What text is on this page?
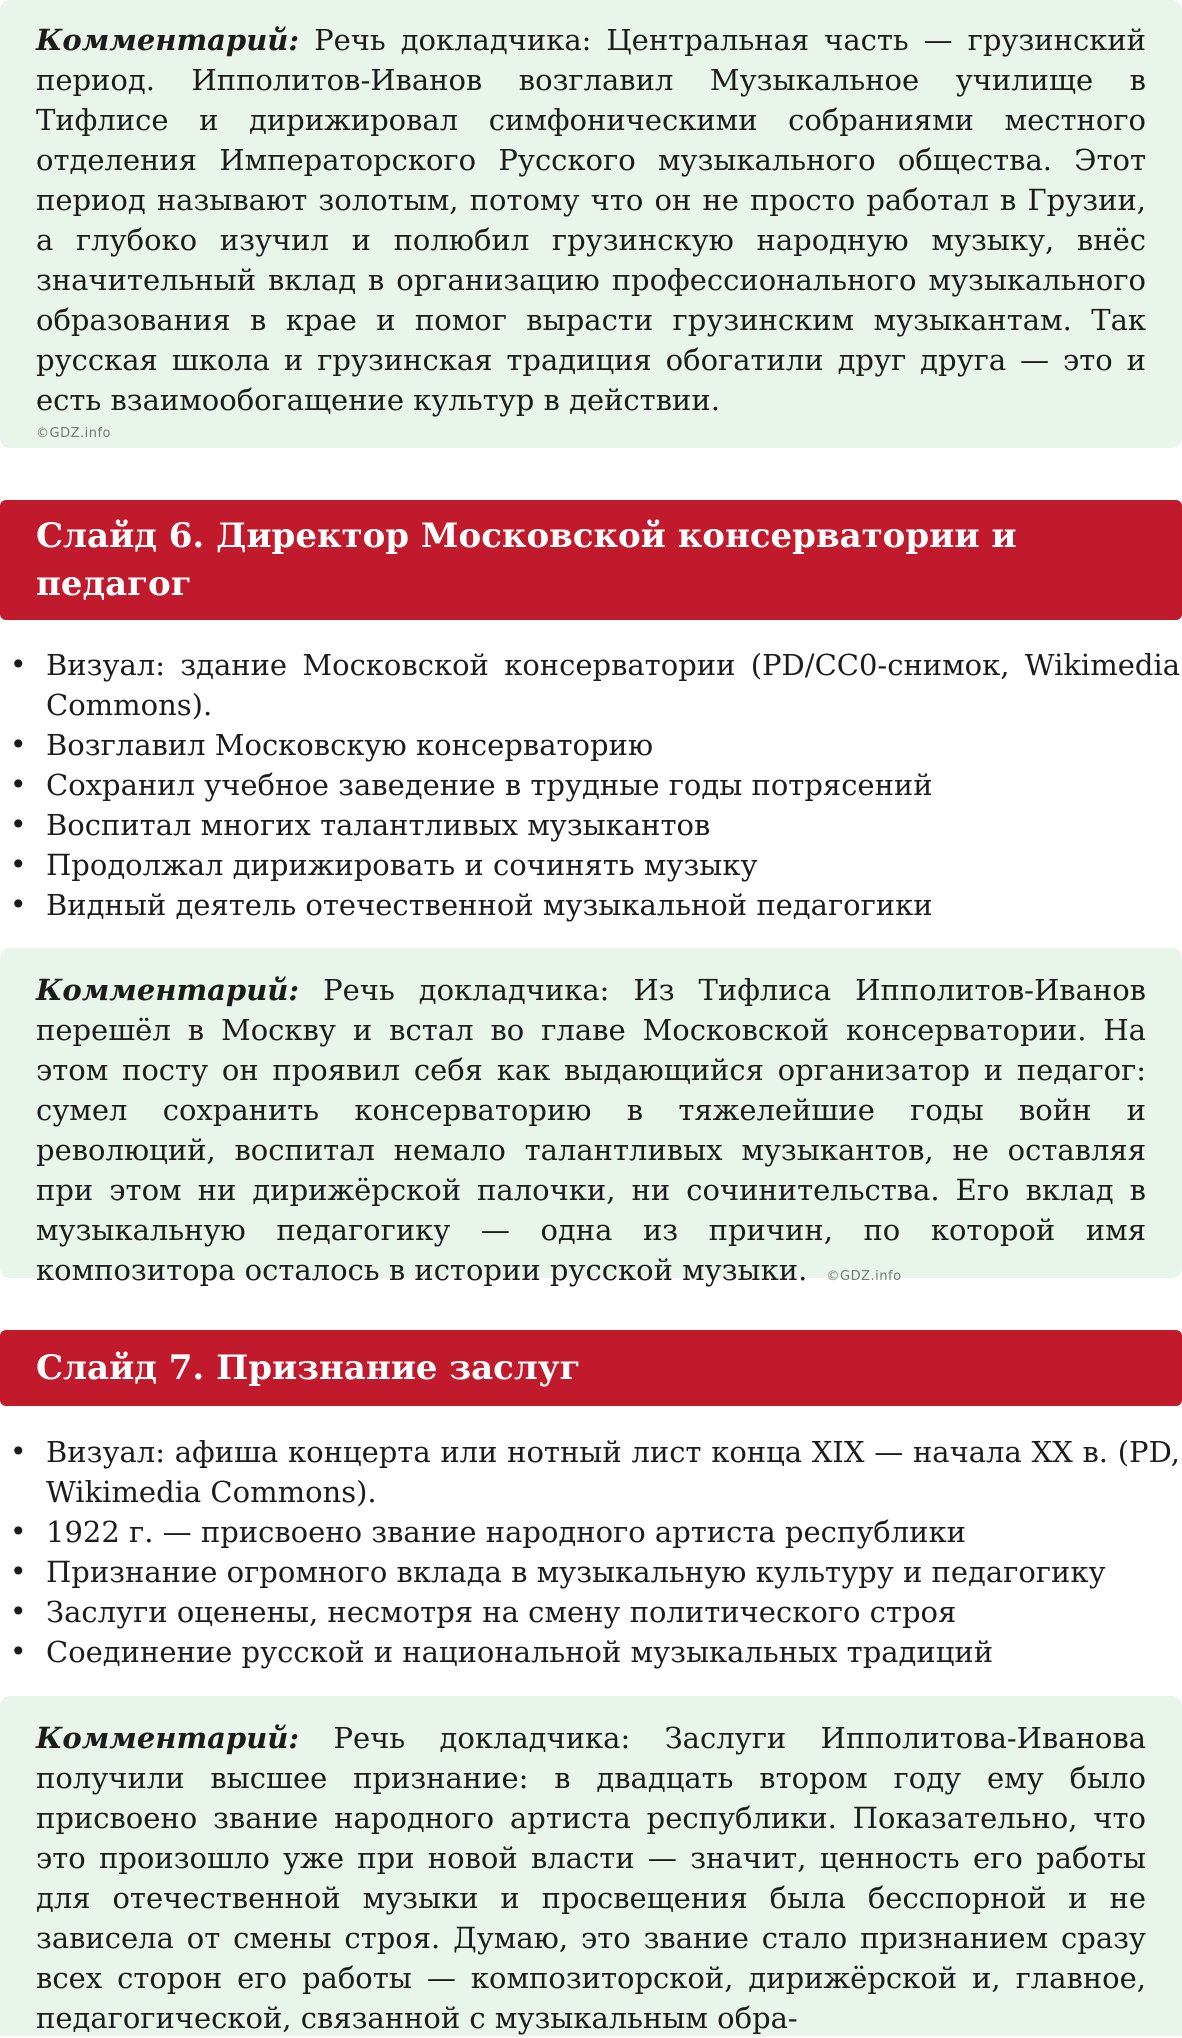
Комментарий: Речь докладчика: Центральная часть — грузинский период. Ипполитов-Иванов возглавил Музыкальное училище в Тифлисе и дирижировал симфоническими собраниями местного отделения Императорского Русского музыкального общества. Этот период называют золотым, потому что он не просто работал в Грузии, а глубоко изучил и полюбил грузинскую народную музыку, внёс значительный вклад в организацию профессионального музыкального образования в крае и помог вырасти грузинским музыкантам. Так русская школа и грузинская традиция обогатили друг друга — это и есть взаимообогащение культур в действии.
©GDZ.info
Слайд 6. Директор Московской консерватории и педагог
• Визуал: здание Московской консерватории (PD/CC0-снимок, Wikimedia Commons).
• Возглавил Московскую консерваторию
• Сохранил учебное заведение в трудные годы потрясений
• Воспитал многих талантливых музыкантов
• Продолжал дирижировать и сочинять музыку
• Видный деятель отечественной музыкальной педагогики
Комментарий: Речь докладчика: Из Тифлиса Ипполитов-Иванов перешёл в Москву и встал во главе Московской консерватории. На этом посту он проявил себя как выдающийся организатор и педагог: сумел сохранить консерваторию в тяжелейшие годы войн и революций, воспитал немало талантливых музыкантов, не оставляя при этом ни дирижёрской палочки, ни сочинительства. Его вклад в музыкальную педагогику — одна из причин, по которой имя композитора осталось в истории русской музыки. ©GDZ.info
Слайд 7. Признание заслуг
• Визуал: афиша концерта или нотный лист конца XIX — начала XX в. (PD, Wikimedia Commons).
• 1922 г. — присвоено звание народного артиста республики
• Признание огромного вклада в музыкальную культуру и педагогику
• Заслуги оценены, несмотря на смену политического строя
• Соединение русской и национальной музыкальных традиций
Комментарий: Речь докладчика: Заслуги Ипполитова-Иванова получили высшее признание: в двадцать втором году ему было присвоено звание народного артиста республики. Показательно, что это произошло уже при новой власти — значит, ценность его работы для отечественной музыки и просвещения была бесспорной и не зависела от смены строя. Думаю, это звание стало признанием сразу всех сторон его работы — композиторской, дирижёрской и, главное, педагогической, связанной с музыкальным обра-
